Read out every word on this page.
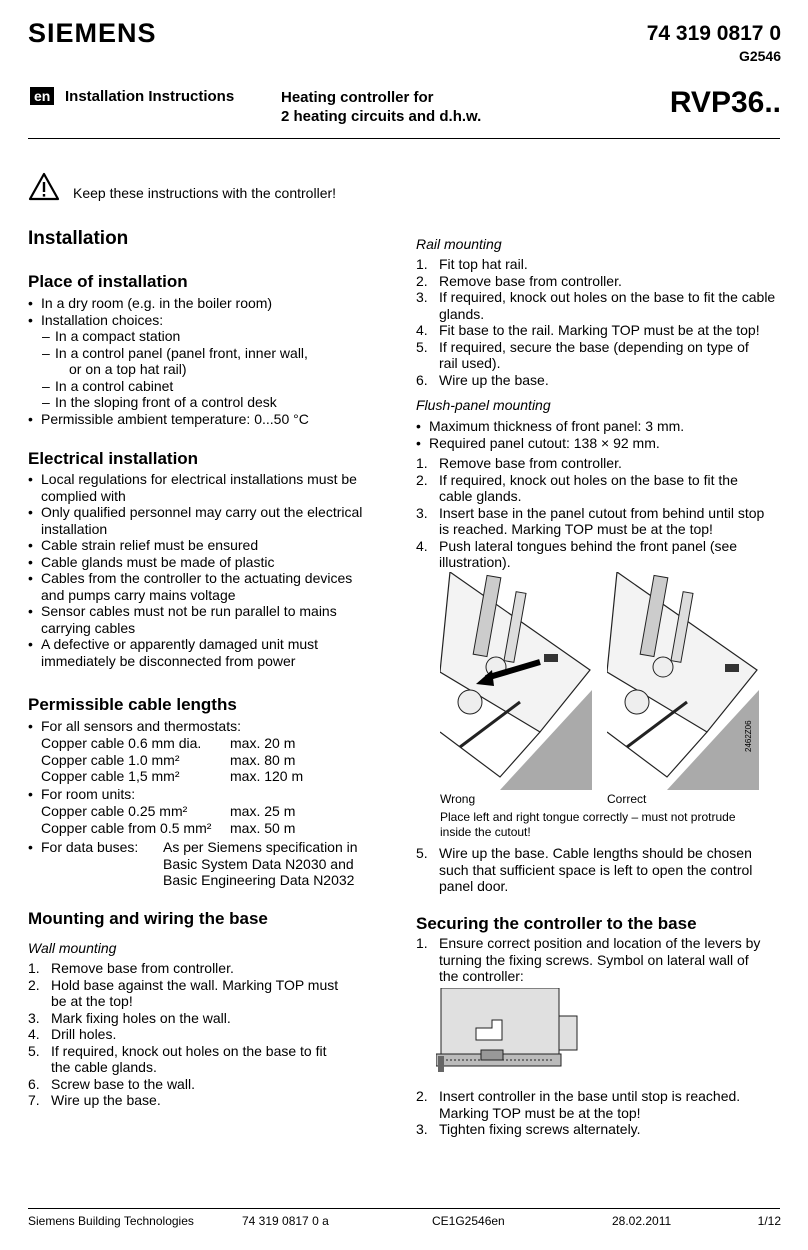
SIEMENS	74 319 0817 0
G2546
en Installation Instructions	Heating controller for
2 heating circuits and d.h.w.	RVP36..
Keep these instructions with the controller!
Installation
Place of installation
• In a dry room (e.g. in the boiler room)
• Installation choices:
– In a compact station
– In a control panel (panel front, inner wall,
or on a top hat rail)
– In a control cabinet
– In the sloping front of a control desk
• Permissible ambient temperature: 0...50 °C
Electrical installation
• Local regulations for electrical installations must be complied with
• Only qualified personnel may carry out the electrical installation
• Cable strain relief must be ensured
• Cable glands must be made of plastic
• Cables from the controller to the actuating devices and pumps carry mains voltage
• Sensor cables must not be run parallel to mains carrying cables
• A defective or apparently damaged unit must immediately be disconnected from power
Permissible cable lengths
• For all sensors and thermostats:
Copper cable 0.6 mm dia. max. 20 m
Copper cable 1.0 mm²	max. 80 m
Copper cable 1,5 mm²	max. 120 m
• For room units:
Copper cable 0.25 mm²	max. 25 m
Copper cable from 0.5 mm² max. 50 m
• For data buses:	As per Siemens specification in
Basic System Data N2030 and
Basic Engineering Data N2032
Mounting and wiring the base
Wall mounting
1. Remove base from controller.
2. Hold base against the wall. Marking TOP must be at the top!
3. Mark fixing holes on the wall.
4. Drill holes.
5. If required, knock out holes on the base to fit the cable glands.
6. Screw base to the wall.
7. Wire up the base.
Rail mounting
1. Fit top hat rail.
2. Remove base from controller.
3. If required, knock out holes on the base to fit the cable glands.
4. Fit base to the rail. Marking TOP must be at the top!
5. If required, secure the base (depending on type of rail used).
6. Wire up the base.
Flush-panel mounting
• Maximum thickness of front panel: 3 mm.
• Required panel cutout: 138 × 92 mm.
1. Remove base from controller.
2. If required, knock out holes on the base to fit the cable glands.
3. Insert base in the panel cutout from behind until stop is reached. Marking TOP must be at the top!
4. Push lateral tongues behind the front panel (see illustration).
2462Z06
Wrong	Correct
Place left and right tongue correctly – must not protrude inside the cutout!
5. Wire up the base. Cable lengths should be chosen such that sufficient space is left to open the control panel door.
Securing the controller to the base
1. Ensure correct position and location of the levers by turning the fixing screws. Symbol on lateral wall of the controller:
2. Insert controller in the base until stop is reached. Marking TOP must be at the top!
3. Tighten fixing screws alternately.
Siemens Building Technologies	74 319 0817 0 a	CE1G2546en	28.02.2011	1/12
